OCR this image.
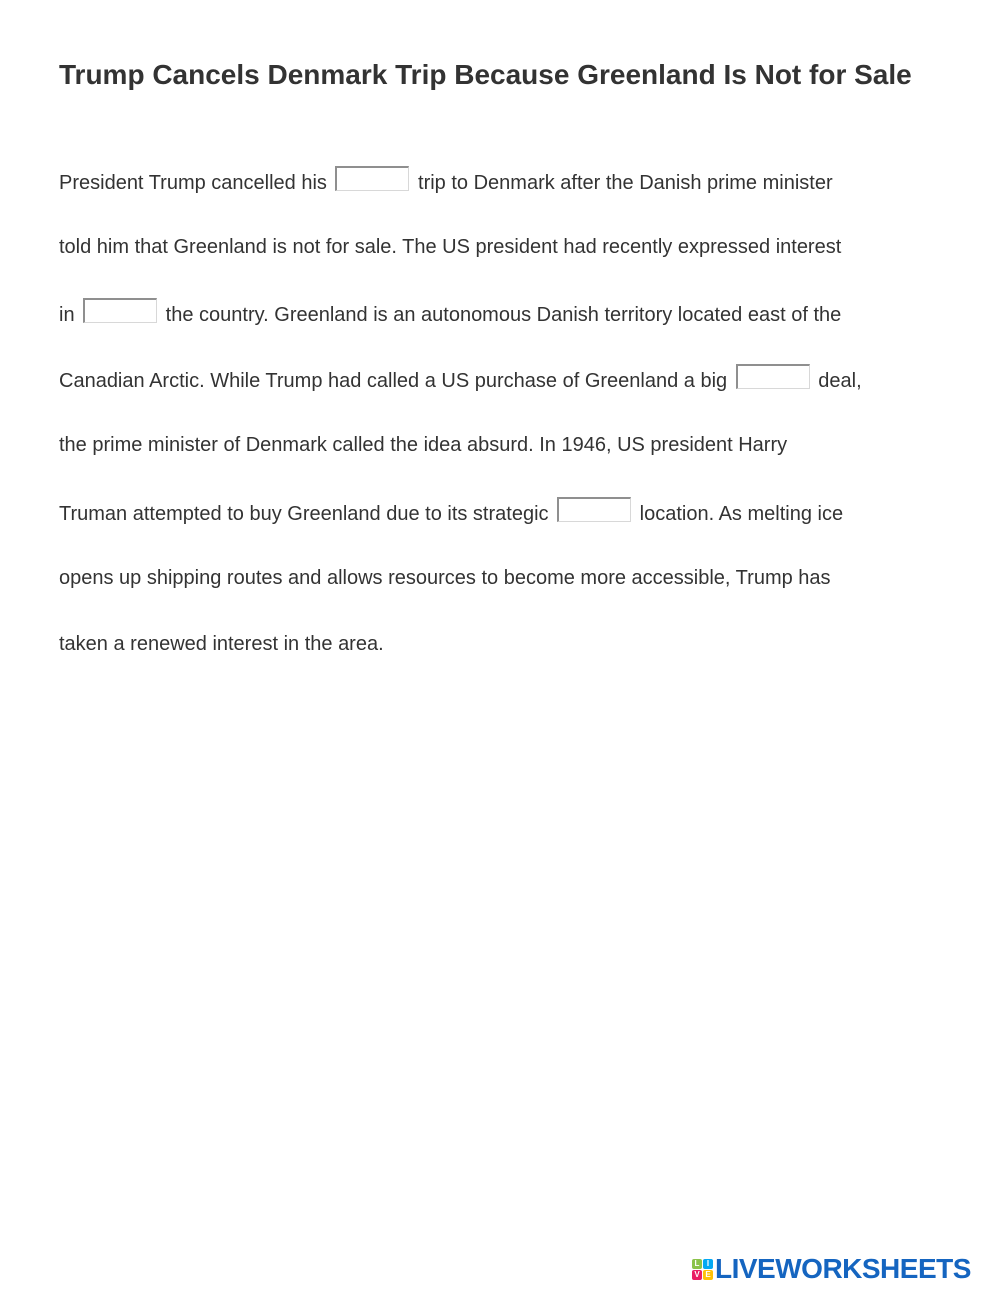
Trump Cancels Denmark Trip Because Greenland Is Not for Sale
President Trump cancelled his	trip to Denmark after the Danish prime minister
told him that Greenland is not for sale. The US president had recently expressed interest
in	the country. Greenland is an autonomous Danish territory located east of the
Canadian Arctic. While Trump had called a US purchase of Greenland a big	deal,
the prime minister of Denmark called the idea absurd. In 1946, US president Harry
Truman attempted to buy Greenland due to its strategic	location. As melting ice
opens up shipping routes and allows resources to become more accessible, Trump has
taken a renewed interest in the area.
L I
V E LIVEWORKSHEETS
